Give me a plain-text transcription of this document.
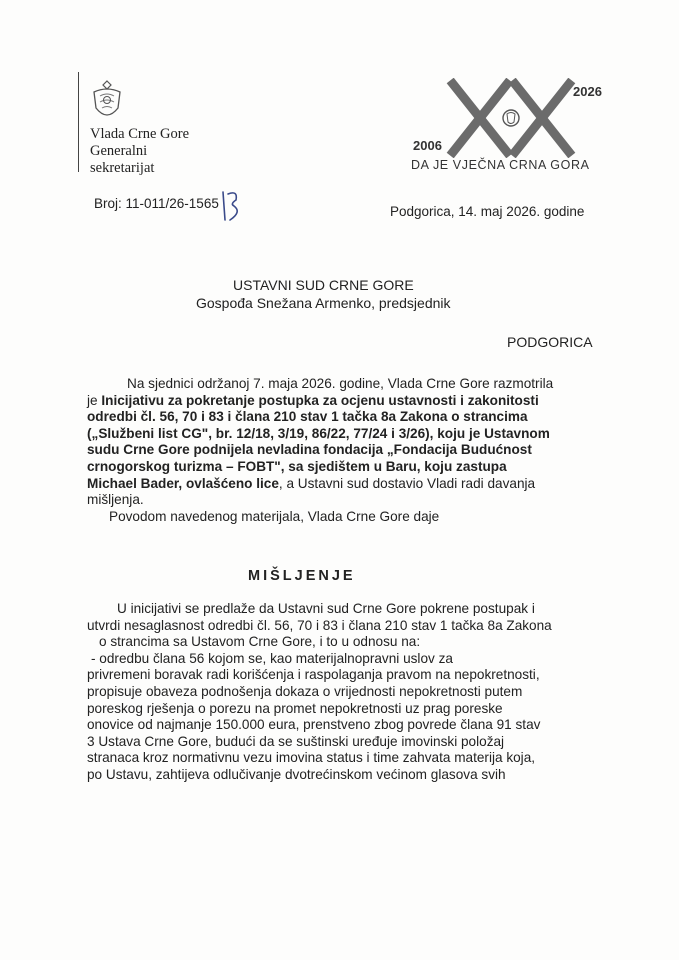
Vlada Crne Gore
Generalni
sekretarijat
2026
2006
DA JE VJEČNA CRNA GORA
Broj: 11-011/26-1565
Podgorica, 14. maj 2026. godine
USTAVNI SUD CRNE GORE
Gospođa Snežana Armenko, predsjednik
PODGORICA
Na sjednici održanoj 7. maja 2026. godine, Vlada Crne Gore razmotrila
je Inicijativu za pokretanje postupka za ocjenu ustavnosti i zakonitosti
odredbi čl. 56, 70 i 83 i člana 210 stav 1 tačka 8a Zakona o strancima
(„Službeni list CG", br. 12/18, 3/19, 86/22, 77/24 i 3/26), koju je Ustavnom
sudu Crne Gore podnijela nevladina fondacija „Fondacija Budućnost
crnogorskog turizma – FOBT", sa sjedištem u Baru, koju zastupa
Michael Bader, ovlašćeno lice, a Ustavni sud dostavio Vladi radi davanja
mišljenja.
Povodom navedenog materijala, Vlada Crne Gore daje
MIŠLJENJE
U inicijativi se predlaže da Ustavni sud Crne Gore pokrene postupak i
utvrdi nesaglasnost odredbi čl. 56, 70 i 83 i člana 210 stav 1 tačka 8a Zakona
o strancima sa Ustavom Crne Gore, i to u odnosu na:
- odredbu člana 56 kojom se, kao materijalnopravni uslov za
privremeni boravak radi korišćenja i raspolaganja pravom na nepokretnosti,
propisuje obaveza podnošenja dokaza o vrijednosti nepokretnosti putem
poreskog rješenja o porezu na promet nepokretnosti uz prag poreske
onovice od najmanje 150.000 eura, prenstveno zbog povrede člana 91 stav
3 Ustava Crne Gore, budući da se suštinski uređuje imovinski položaj
stranaca kroz normativnu vezu imovina status i time zahvata materija koja,
po Ustavu, zahtijeva odlučivanje dvotrećinskom većinom glasova svih
